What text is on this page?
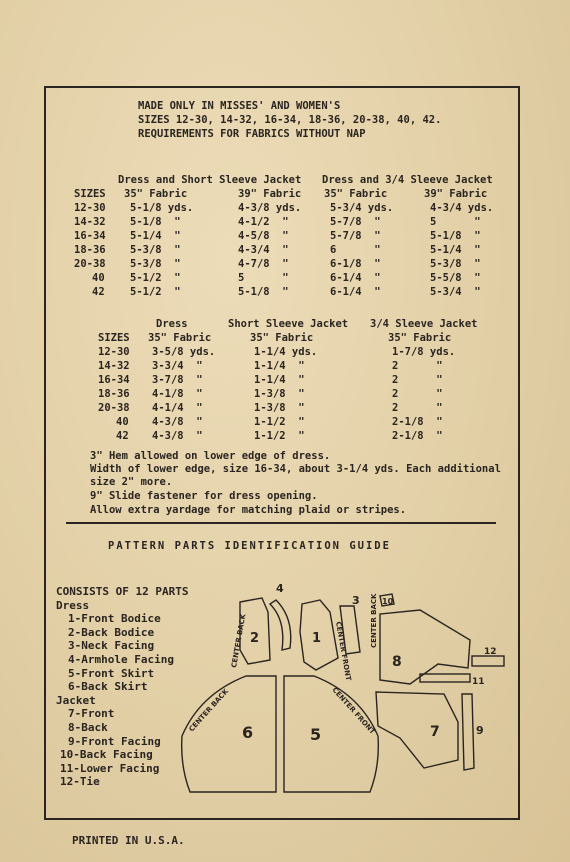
MADE ONLY IN MISSES' AND WOMEN'S
SIZES 12-30, 14-32, 16-34, 18-36, 20-38, 40, 42.
REQUIREMENTS FOR FABRICS WITHOUT NAP
Dress and Short Sleeve Jacket Dress and 3/4 Sleeve Jacket
SIZES 35" Fabric	39" Fabric 35" Fabric	39" Fabric
12-30 5-1/8 yds.	4-3/8 yds.	5-3/4 yds.	4-3/4 yds.
14-32 5-1/8  "	4-1/2  "	5-7/8  "	5      "
16-34 5-1/4  "	4-5/8  "	5-7/8  "	5-1/8  "
18-36 5-3/8  "	4-3/4  "	6      "	5-1/4  "
20-38 5-3/8  "	4-7/8  "	6-1/8  "	5-3/8  "
40 5-1/2  "	5      "	6-1/4  "	5-5/8  "
42 5-1/2  "	5-1/8  "	6-1/4  "	5-3/4  "
Dress	Short Sleeve Jacket 3/4 Sleeve Jacket
SIZES 35" Fabric	35" Fabric	35" Fabric
12-30 3-5/8 yds.	1-1/4 yds.	1-7/8 yds.
14-32 3-3/4  "	1-1/4  "	2      "
16-34 3-7/8  "	1-1/4  "	2      "
18-36 4-1/8  "	1-3/8  "	2      "
20-38 4-1/4  "	1-3/8  "	2      "
40 4-3/8  "	1-1/2  "	2-1/8  "
42 4-3/8  "	1-1/2  "	2-1/8  "
3" Hem allowed on lower edge of dress.
Width of lower edge, size 16-34, about 3-1/4 yds. Each additional
size 2" more.
9" Slide fastener for dress opening.
Allow extra yardage for matching plaid or stripes.
PATTERN PARTS IDENTIFICATION GUIDE
CONSISTS OF 12 PARTS
Dress
1-Front Bodice
2-Back Bodice
3-Neck Facing
4-Armhole Facing
5-Front Skirt
6-Back Skirt
Jacket
7-Front
8-Back
9-Front Facing
10-Back Facing
11-Lower Facing
12-Tie
1
2
3
4
5
6	7
8
9
10
11
12
CENTER BACK	CENTER FRONT
CENTER BACK
CENTER BACK	CENTER FRONT
PRINTED IN U.S.A.
